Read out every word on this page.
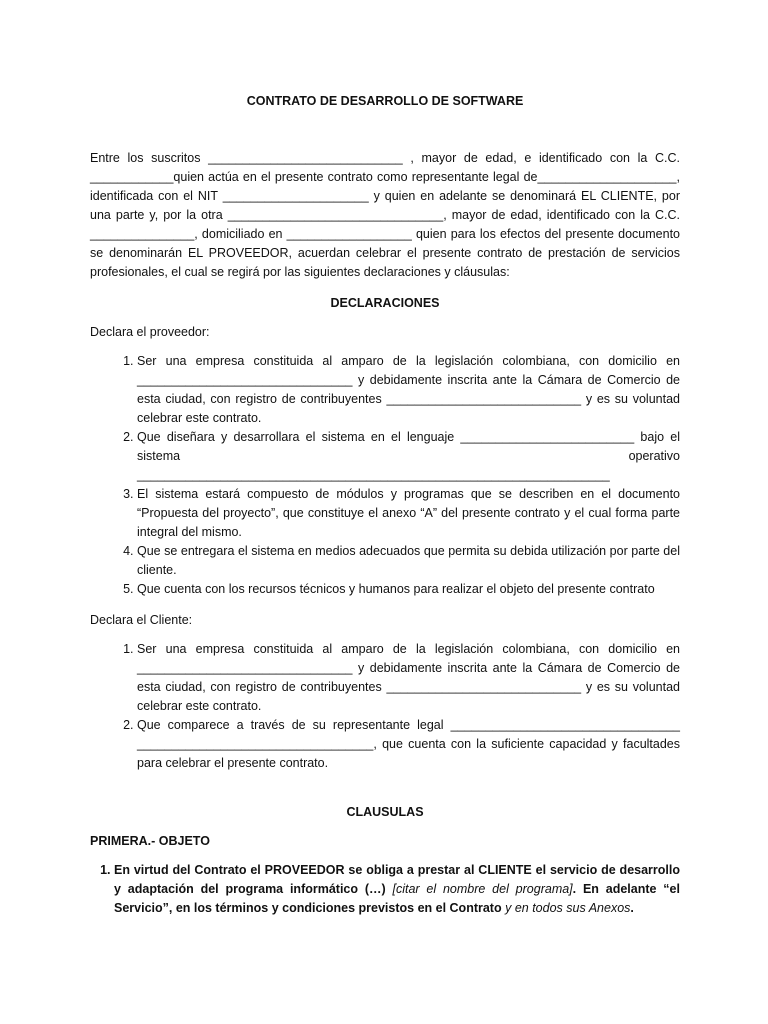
CONTRATO DE DESARROLLO DE SOFTWARE

Entre los suscritos ____________________________ , mayor de edad, e identificado con la C.C. ____________quien actúa en el presente contrato como representante legal de____________________, identificada con el NIT _____________________ y quien en adelante se denominará EL CLIENTE, por una parte y, por la otra _______________________________, mayor de edad, identificado con la C.C. _______________, domiciliado en __________________ quien para los efectos del presente documento se denominarán EL PROVEEDOR, acuerdan celebrar el presente contrato de prestación de servicios profesionales, el cual se regirá por las siguientes declaraciones y cláusulas:

DECLARACIONES

Declara el proveedor:

1. Ser una empresa constituida al amparo de la legislación colombiana, con domicilio en _______________________________ y debidamente inscrita ante la Cámara de Comercio de esta ciudad, con registro de contribuyentes ____________________________ y es su voluntad celebrar este contrato.
2. Que diseñara y desarrollara el sistema en el lenguaje _________________________ bajo el sistema operativo ____________________________________________________________________
3. El sistema estará compuesto de módulos y programas que se describen en el documento “Propuesta del proyecto”, que constituye el anexo “A” del presente contrato y el cual forma parte integral del mismo.
4. Que se entregara el sistema en medios adecuados que permita su debida utilización por parte del cliente.
5. Que cuenta con los recursos técnicos y humanos para realizar el objeto del presente contrato

Declara el Cliente:

1. Ser una empresa constituida al amparo de la legislación colombiana, con domicilio en _______________________________ y debidamente inscrita ante la Cámara de Comercio de esta ciudad, con registro de contribuyentes ____________________________ y es su voluntad celebrar este contrato.
2. Que comparece a través de su representante legal _________________________________ __________________________________, que cuenta con la suficiente capacidad y facultades para celebrar el presente contrato.

CLAUSULAS

PRIMERA.- OBJETO

1. En virtud del Contrato el PROVEEDOR se obliga a prestar al CLIENTE el servicio de desarrollo y adaptación del programa informático (…) [citar el nombre del programa]. En adelante “el Servicio”, en los términos y condiciones previstos en el Contrato y en todos sus Anexos.
